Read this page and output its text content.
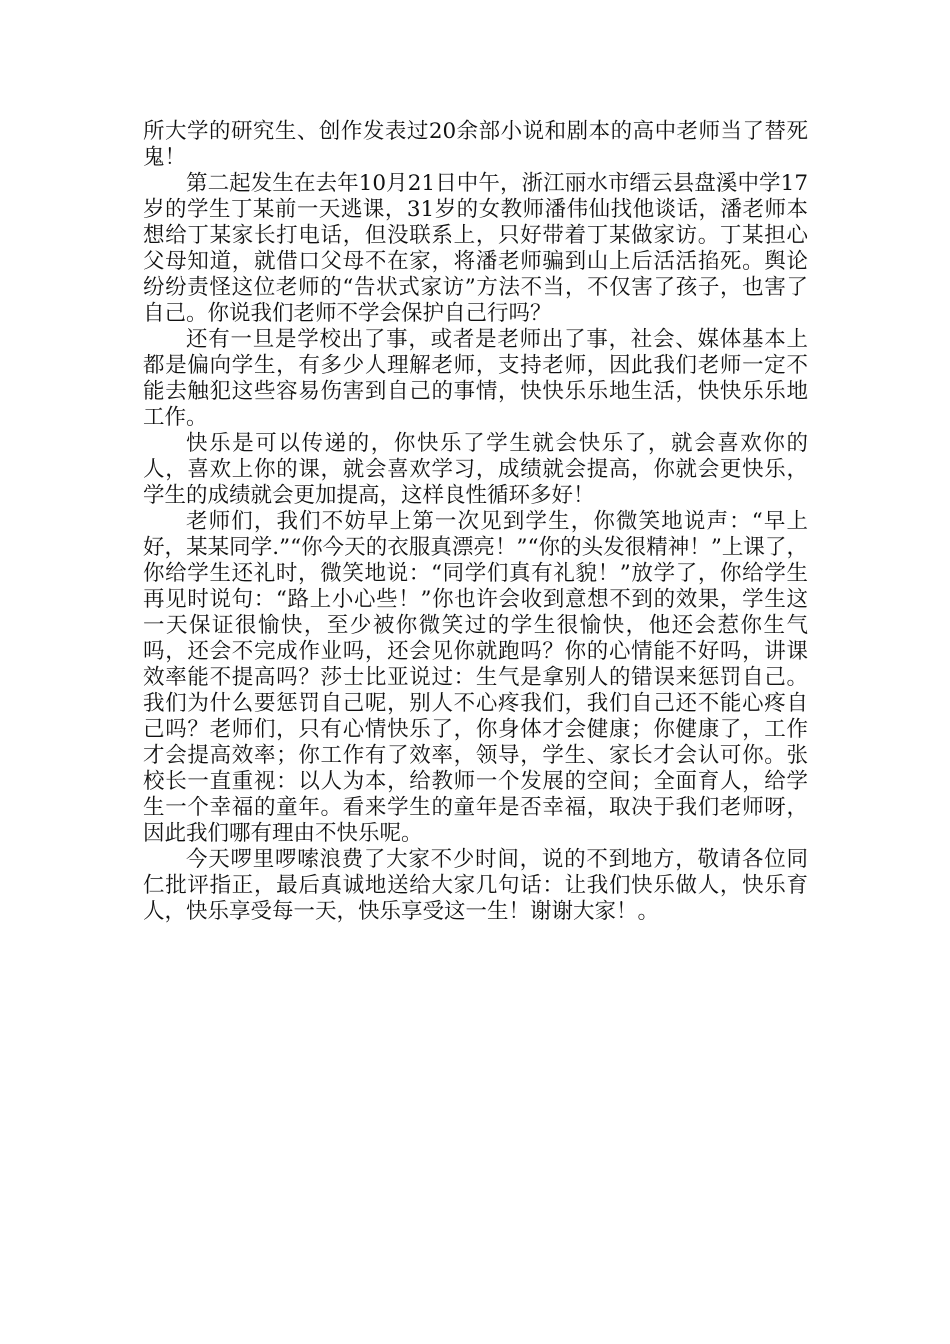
所大学的研究生、创作发表过20余部小说和剧本的高中老师当了替死鬼！

第二起发生在去年10月21日中午，浙江丽水市缙云县盘溪中学17岁的学生丁某前一天逃课，31岁的女教师潘伟仙找他谈话，潘老师本想给丁某家长打电话，但没联系上，只好带着丁某做家访。丁某担心父母知道，就借口父母不在家，将潘老师骗到山上后活活掐死。舆论纷纷责怪这位老师的“告状式家访”方法不当，不仅害了孩子，也害了自己。你说我们老师不学会保护自己行吗？

还有一旦是学校出了事，或者是老师出了事，社会、媒体基本上都是偏向学生，有多少人理解老师，支持老师，因此我们老师一定不能去触犯这些容易伤害到自己的事情，快快乐乐地生活，快快乐乐地工作。

快乐是可以传递的，你快乐了学生就会快乐了，就会喜欢你的人，喜欢上你的课，就会喜欢学习，成绩就会提高，你就会更快乐，学生的成绩就会更加提高，这样良性循环多好！

老师们，我们不妨早上第一次见到学生，你微笑地说声：“早上好，某某同学.”“你今天的衣服真漂亮！”“你的头发很精神！”上课了，你给学生还礼时，微笑地说：“同学们真有礼貌！”放学了，你给学生再见时说句：“路上小心些！”你也许会收到意想不到的效果，学生这一天保证很愉快，至少被你微笑过的学生很愉快，他还会惹你生气吗，还会不完成作业吗，还会见你就跑吗？你的心情能不好吗，讲课效率能不提高吗？莎士比亚说过：生气是拿别人的错误来惩罚自己。我们为什么要惩罚自己呢，别人不心疼我们，我们自己还不能心疼自己吗？老师们，只有心情快乐了，你身体才会健康；你健康了，工作才会提高效率；你工作有了效率，领导，学生、家长才会认可你。张校长一直重视：以人为本，给教师一个发展的空间；全面育人，给学生一个幸福的童年。看来学生的童年是否幸福，取决于我们老师呀，因此我们哪有理由不快乐呢。

今天啰里啰嗦浪费了大家不少时间，说的不到地方，敬请各位同仁批评指正，最后真诚地送给大家几句话：让我们快乐做人，快乐育人，快乐享受每一天，快乐享受这一生！谢谢大家！。
